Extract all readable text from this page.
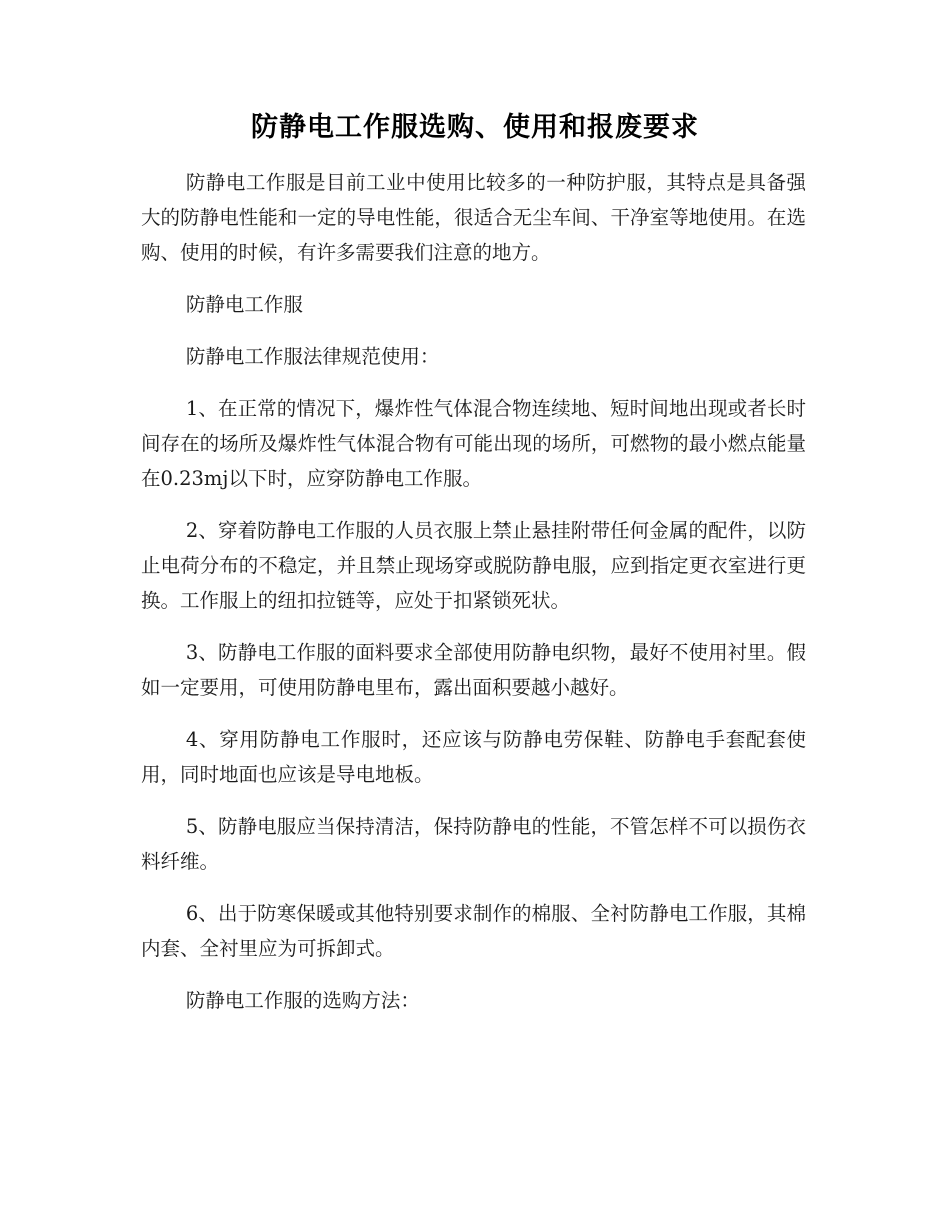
防静电工作服选购、使用和报废要求

防静电工作服是目前工业中使用比较多的一种防护服，其特点是具备强大的防静电性能和一定的导电性能，很适合无尘车间、干净室等地使用。在选购、使用的时候，有许多需要我们注意的地方。

防静电工作服

防静电工作服法律规范使用：

1、在正常的情况下，爆炸性气体混合物连续地、短时间地出现或者长时间存在的场所及爆炸性气体混合物有可能出现的场所，可燃物的最小燃点能量在0.23mj以下时，应穿防静电工作服。

2、穿着防静电工作服的人员衣服上禁止悬挂附带任何金属的配件，以防止电荷分布的不稳定，并且禁止现场穿或脱防静电服，应到指定更衣室进行更换。工作服上的纽扣拉链等，应处于扣紧锁死状。

3、防静电工作服的面料要求全部使用防静电织物，最好不使用衬里。假如一定要用，可使用防静电里布，露出面积要越小越好。

4、穿用防静电工作服时，还应该与防静电劳保鞋、防静电手套配套使用，同时地面也应该是导电地板。

5、防静电服应当保持清洁，保持防静电的性能，不管怎样不可以损伤衣料纤维。

6、出于防寒保暖或其他特别要求制作的棉服、全衬防静电工作服，其棉内套、全衬里应为可拆卸式。

防静电工作服的选购方法：
